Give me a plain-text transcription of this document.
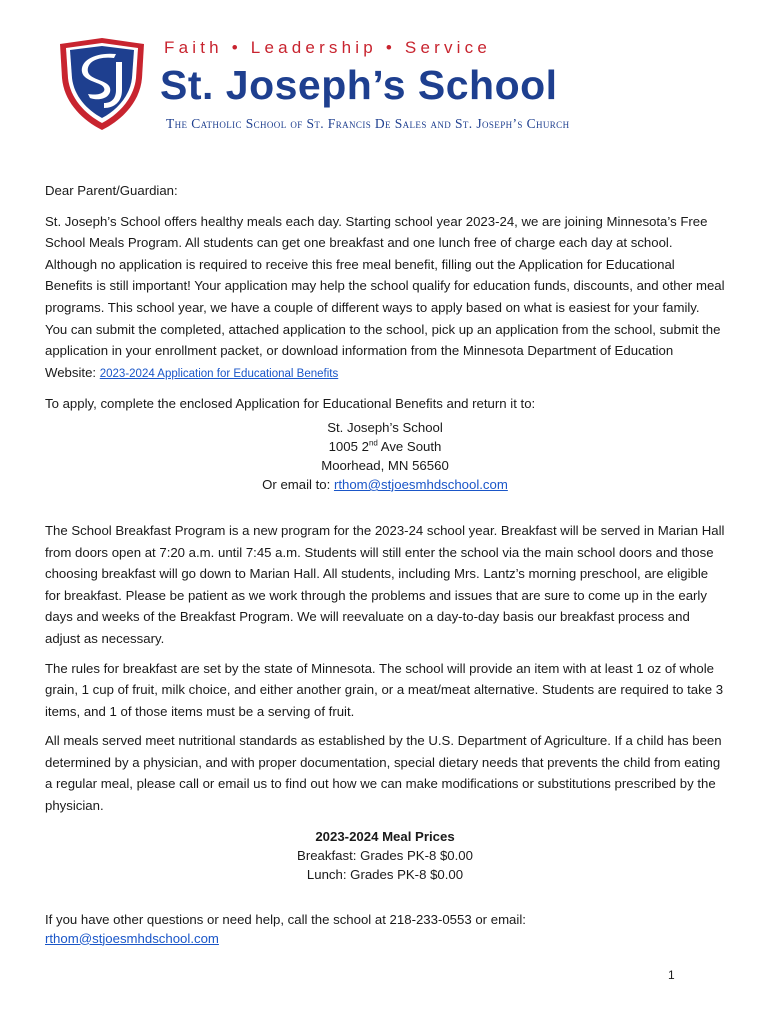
Faith • Leadership • Service
St. Joseph’s School
The Catholic School of St. Francis De Sales and St. Joseph’s Church

Dear Parent/Guardian:

St. Joseph’s School offers healthy meals each day. Starting school year 2023-24, we are joining Minnesota’s Free School Meals Program. All students can get one breakfast and one lunch free of charge each day at school. Although no application is required to receive this free meal benefit, filling out the Application for Educational Benefits is still important! Your application may help the school qualify for education funds, discounts, and other meal programs. This school year, we have a couple of different ways to apply based on what is easiest for your family. You can submit the completed, attached application to the school, pick up an application from the school, submit the application in your enrollment packet, or download information from the Minnesota Department of Education Website: 2023-2024 Application for Educational Benefits

To apply, complete the enclosed Application for Educational Benefits and return it to:

St. Joseph’s School
1005 2nd Ave South
Moorhead, MN 56560
Or email to: rthom@stjoesmhdschool.com

The School Breakfast Program is a new program for the 2023-24 school year. Breakfast will be served in Marian Hall from doors open at 7:20 a.m. until 7:45 a.m. Students will still enter the school via the main school doors and those choosing breakfast will go down to Marian Hall. All students, including Mrs. Lantz’s morning preschool, are eligible for breakfast. Please be patient as we work through the problems and issues that are sure to come up in the early days and weeks of the Breakfast Program. We will reevaluate on a day-to-day basis our breakfast process and adjust as necessary.

The rules for breakfast are set by the state of Minnesota. The school will provide an item with at least 1 oz of whole grain, 1 cup of fruit, milk choice, and either another grain, or a meat/meat alternative. Students are required to take 3 items, and 1 of those items must be a serving of fruit.

All meals served meet nutritional standards as established by the U.S. Department of Agriculture. If a child has been determined by a physician, and with proper documentation, special dietary needs that prevents the child from eating a regular meal, please call or email us to find out how we can make modifications or substitutions prescribed by the physician.

2023-2024 Meal Prices
Breakfast: Grades PK-8 $0.00
Lunch: Grades PK-8 $0.00

If you have other questions or need help, call the school at 218-233-0553 or email:
rthom@stjoesmhdschool.com

1
